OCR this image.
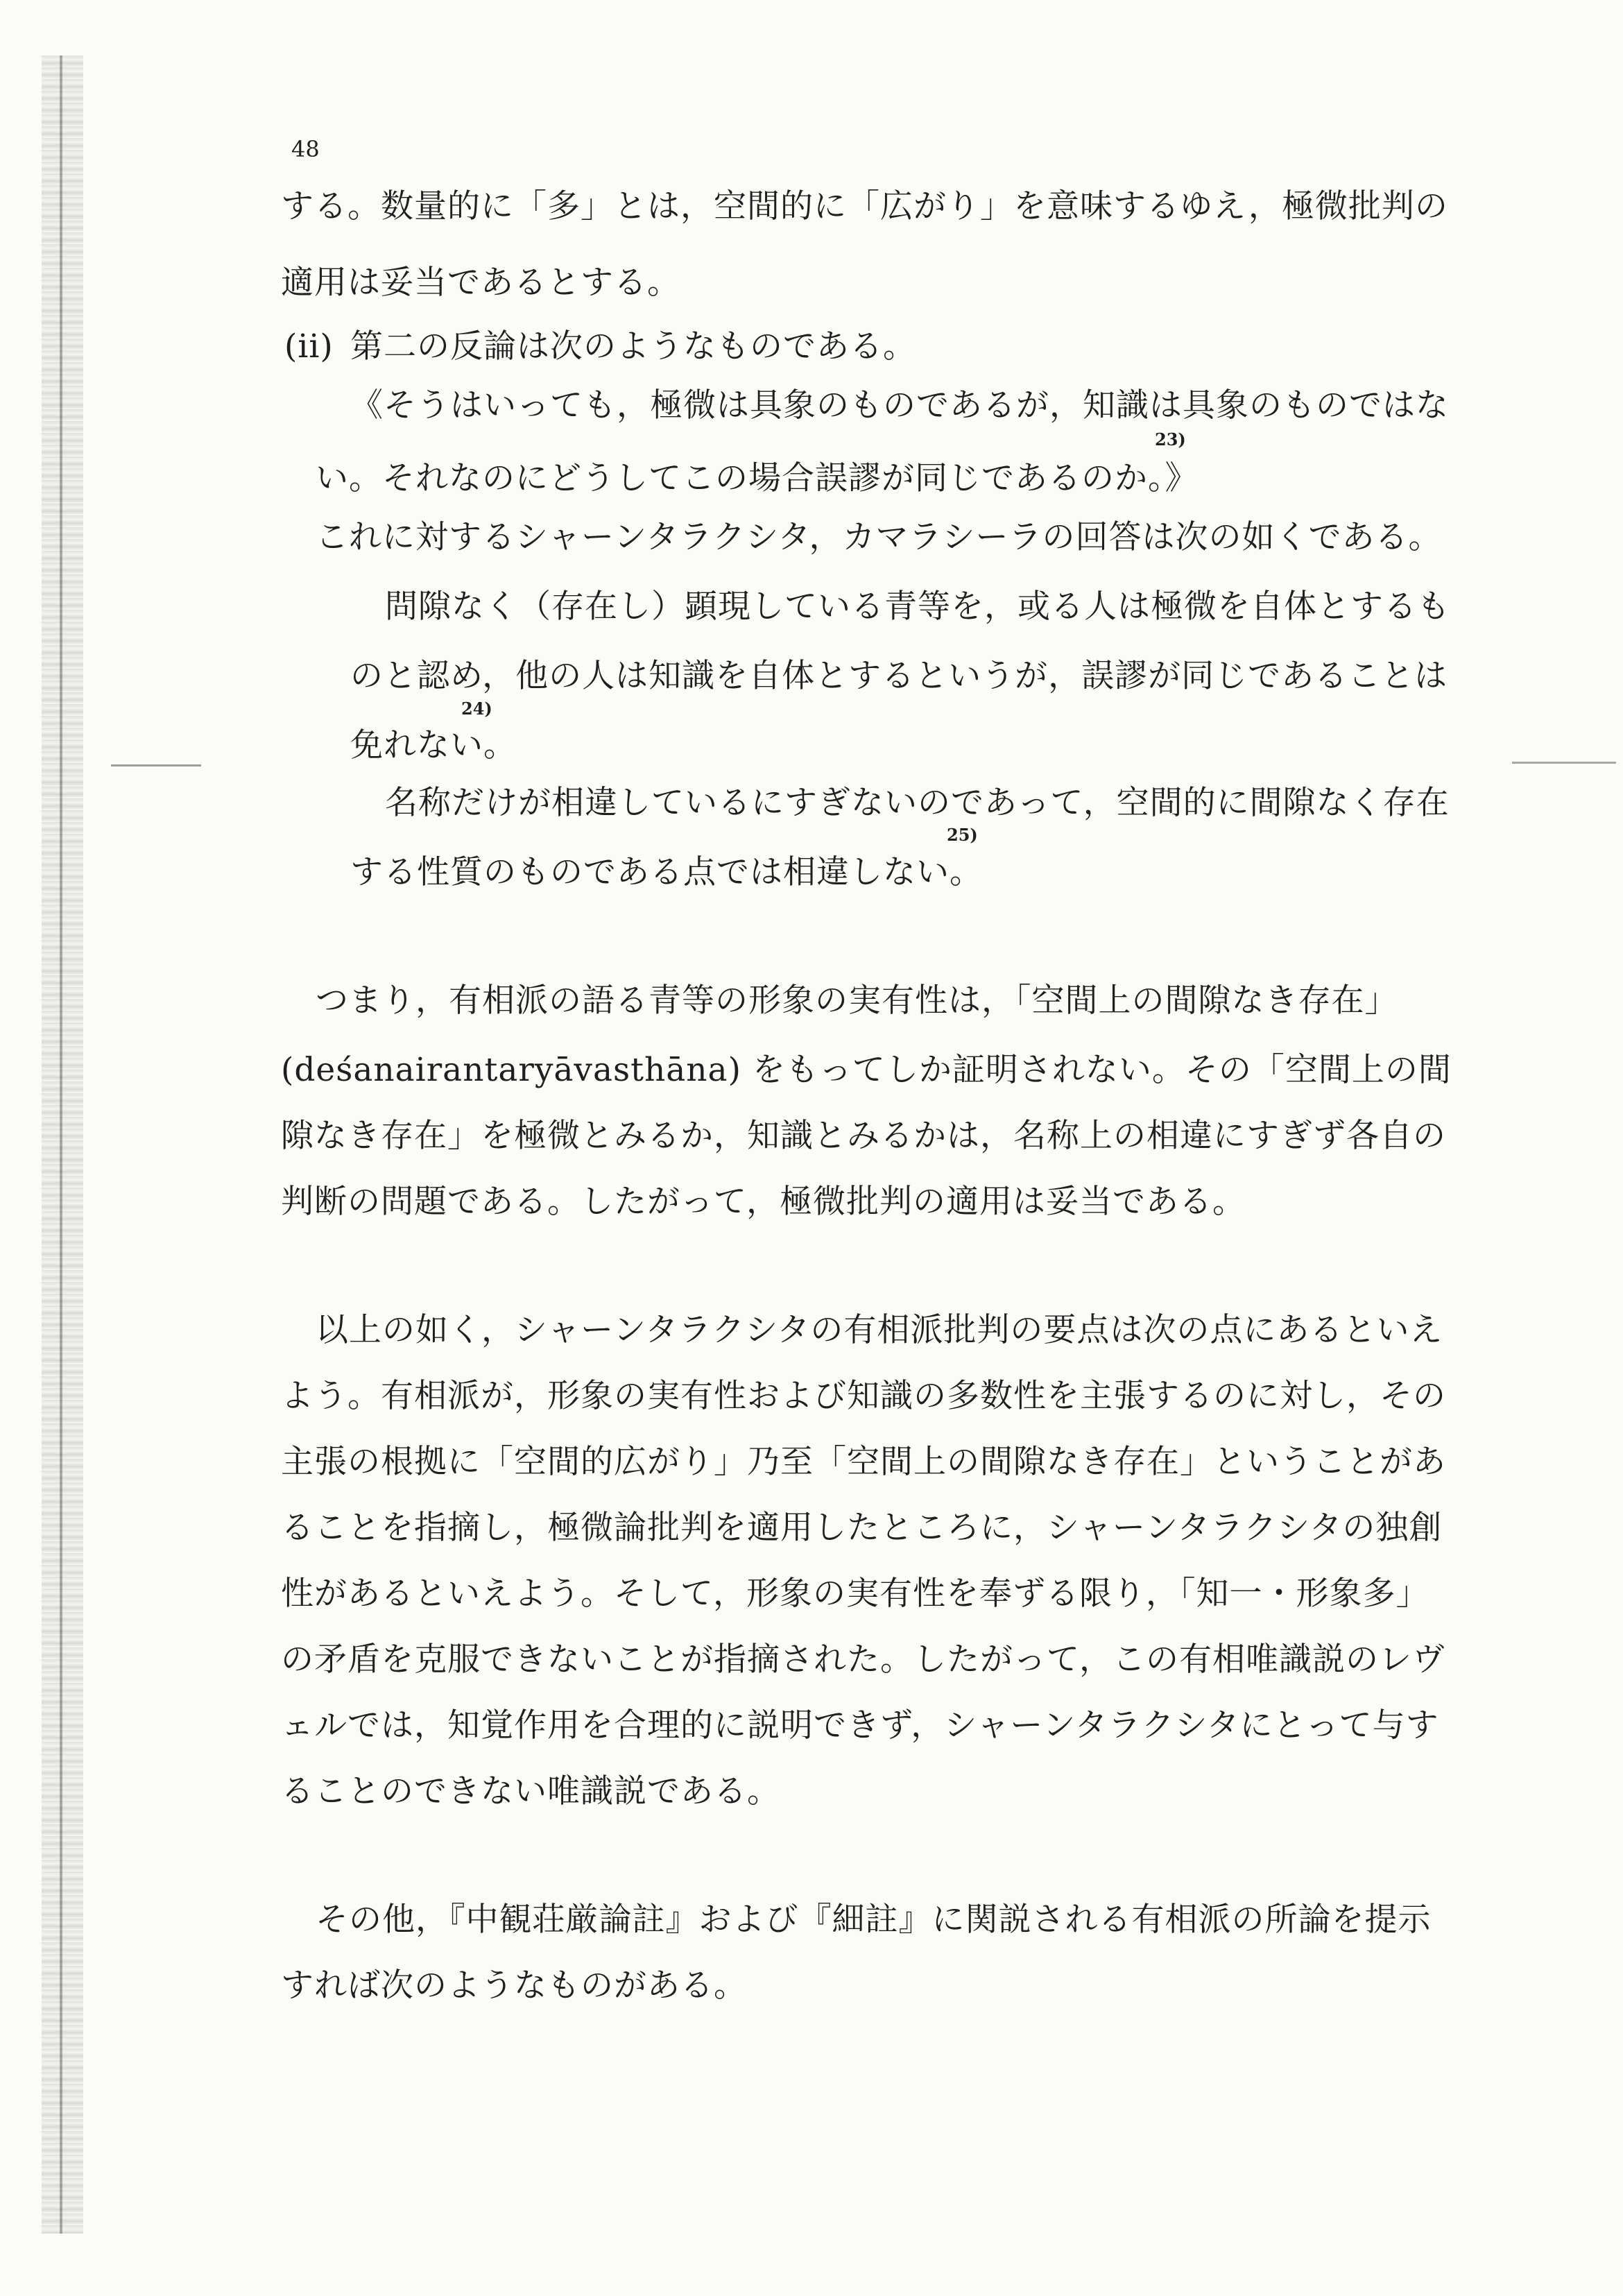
48
する。数量的に「多」とは，空間的に「広がり」を意味するゆえ，極微批判の
適用は妥当であるとする。
(ii) 第二の反論は次のようなものである。
《そうはいっても，極微は具象のものであるが，知識は具象のものではな
い。それなのにどうしてこの場合誤謬が同じであるのか。》
23)
これに対するシャーンタラクシタ，カマラシーラの回答は次の如くである。
問隙なく（存在し）顕現している青等を，或る人は極微を自体とするも
のと認め，他の人は知識を自体とするというが，誤謬が同じであることは
免れない。
24)
名称だけが相違しているにすぎないのであって，空間的に間隙なく存在
する性質のものである点では相違しない。
25)
つまり，有相派の語る青等の形象の実有性は，「空間上の間隙なき存在」
(deśanairantaryāvasthāna) をもってしか証明されない。その「空間上の間
隙なき存在」を極微とみるか，知識とみるかは，名称上の相違にすぎず各自の
判断の問題である。したがって，極微批判の適用は妥当である。
以上の如く，シャーンタラクシタの有相派批判の要点は次の点にあるといえ
よう。有相派が，形象の実有性および知識の多数性を主張するのに対し，その
主張の根拠に「空間的広がり」乃至「空間上の間隙なき存在」ということがあ
ることを指摘し，極微論批判を適用したところに，シャーンタラクシタの独創
性があるといえよう。そして，形象の実有性を奉ずる限り，「知一・形象多」
の矛盾を克服できないことが指摘された。したがって，この有相唯識説のレヴ
ェルでは，知覚作用を合理的に説明できず，シャーンタラクシタにとって与す
ることのできない唯識説である。
その他，『中観荘厳論註』および『細註』に関説される有相派の所論を提示
すれば次のようなものがある。
